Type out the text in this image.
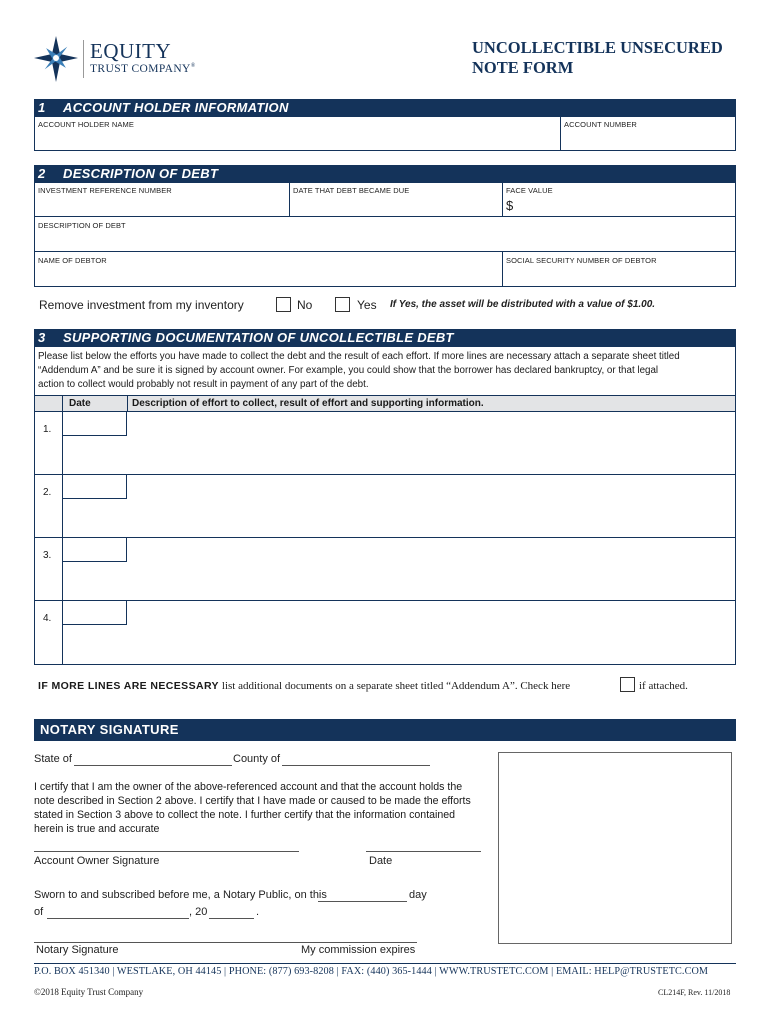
EQUITY
TRUST COMPANY®
UNCOLLECTIBLE UNSECURED
NOTE FORM
1 ACCOUNT HOLDER INFORMATION
ACCOUNT HOLDER NAME	ACCOUNT NUMBER
2 DESCRIPTION OF DEBT
INVESTMENT REFERENCE NUMBER	DATE THAT DEBT BECAME DUE	FACE VALUE
$
DESCRIPTION OF DEBT
NAME OF DEBTOR	SOCIAL SECURITY NUMBER OF DEBTOR
Remove investment from my inventory	No	Yes If Yes, the asset will be distributed with a value of $1.00.
3 SUPPORTING DOCUMENTATION OF UNCOLLECTIBLE DEBT
Please list below the efforts you have made to collect the debt and the result of each effort. If more lines are necessary attach a separate sheet titled
“Addendum A” and be sure it is signed by account owner. For example, you could show that the borrower has declared bankruptcy, or that legal
action to collect would probably not result in payment of any part of the debt.
Date	Description of effort to collect, result of effort and supporting information.
1.
2.
3.
4.
IF MORE LINES ARE NECESSARY list additional documents on a separate sheet titled “Addendum A”. Check here	if attached.
NOTARY SIGNATURE
State of	County of
I certify that I am the owner of the above-referenced account and that the account holds the
note described in Section 2 above. I certify that I have made or caused to be made the efforts
stated in Section 3 above to collect the note. I further certify that the information contained
herein is true and accurate
Account Owner Signature	Date
Sworn to and subscribed before me, a Notary Public, on this	day
of	, 20	.
Notary Signature	My commission expires
P.O. BOX 451340 | WESTLAKE, OH 44145 | PHONE: (877) 693-8208 | FAX: (440) 365-1444 | WWW.TRUSTETC.COM | EMAIL: HELP@TRUSTETC.COM
©2018 Equity Trust Company	CL214F, Rev. 11/2018
